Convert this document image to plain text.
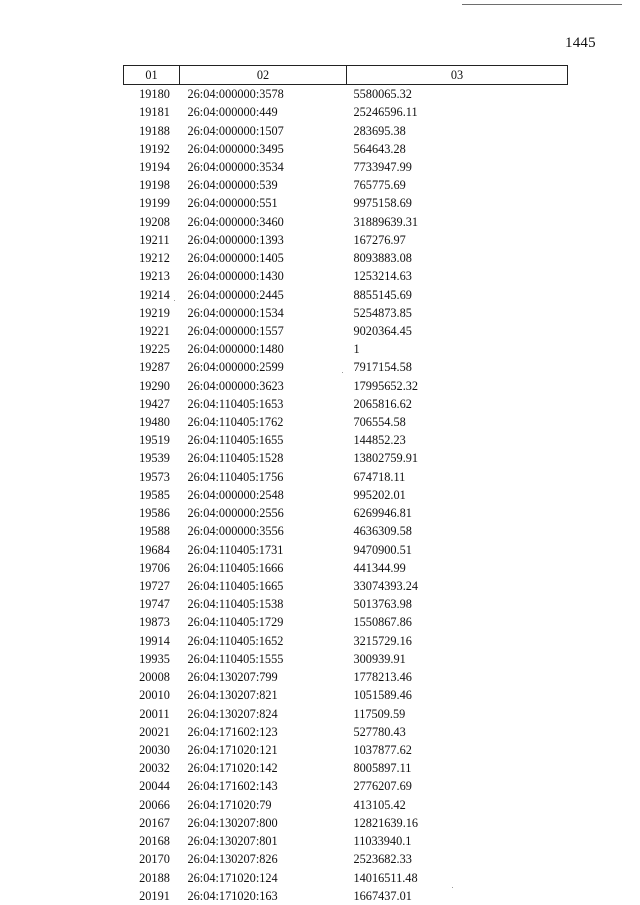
1445
01	02	03
19180	26:04:000000:3578	5580065.32
19181	26:04:000000:449	25246596.11
19188	26:04:000000:1507	283695.38
19192	26:04:000000:3495	564643.28
19194	26:04:000000:3534	7733947.99
19198	26:04:000000:539	765775.69
19199	26:04:000000:551	9975158.69
19208	26:04:000000:3460	31889639.31
19211	26:04:000000:1393	167276.97
19212	26:04:000000:1405	8093883.08
19213	26:04:000000:1430	1253214.63
19214	26:04:000000:2445	8855145.69
19219	26:04:000000:1534	5254873.85
19221	26:04:000000:1557	9020364.45
19225	26:04:000000:1480	1
19287	26:04:000000:2599	7917154.58
19290	26:04:000000:3623	17995652.32
19427	26:04:110405:1653	2065816.62
19480	26:04:110405:1762	706554.58
19519	26:04:110405:1655	144852.23
19539	26:04:110405:1528	13802759.91
19573	26:04:110405:1756	674718.11
19585	26:04:000000:2548	995202.01
19586	26:04:000000:2556	6269946.81
19588	26:04:000000:3556	4636309.58
19684	26:04:110405:1731	9470900.51
19706	26:04:110405:1666	441344.99
19727	26:04:110405:1665	33074393.24
19747	26:04:110405:1538	5013763.98
19873	26:04:110405:1729	1550867.86
19914	26:04:110405:1652	3215729.16
19935	26:04:110405:1555	300939.91
20008	26:04:130207:799	1778213.46
20010	26:04:130207:821	1051589.46
20011	26:04:130207:824	117509.59
20021	26:04:171602:123	527780.43
20030	26:04:171020:121	1037877.62
20032	26:04:171020:142	8005897.11
20044	26:04:171602:143	2776207.69
20066	26:04:171020:79	413105.42
20167	26:04:130207:800	12821639.16
20168	26:04:130207:801	11033940.1
20170	26:04:130207:826	2523682.33
20188	26:04:171020:124	14016511.48
20191	26:04:171020:163	1667437.01
